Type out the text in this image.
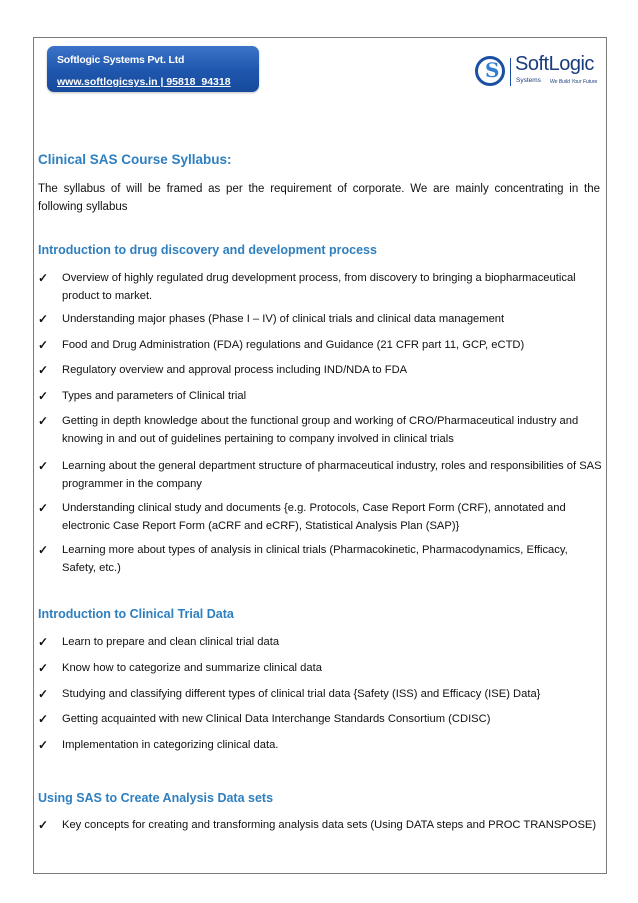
Softlogic Systems Pvt. Ltd
www.softlogicsys.in | 95818_94318	S SoftLogic
Systems We Build Your Future
Clinical SAS Course Syllabus:

The syllabus of will be framed as per the requirement of corporate. We are mainly concentrating in the following syllabus

Introduction to drug discovery and development process
✓	Overview of highly regulated drug development process, from discovery to bringing a biopharmaceutical product to market.
✓	Understanding major phases (Phase I – IV) of clinical trials and clinical data management
✓	Food and Drug Administration (FDA) regulations and Guidance (21 CFR part 11, GCP, eCTD)
✓	Regulatory overview and approval process including IND/NDA to FDA
✓	Types and parameters of Clinical trial
✓	Getting in depth knowledge about the functional group and working of CRO/Pharmaceutical industry and knowing in and out of guidelines pertaining to company involved in clinical trials
✓	Learning about the general department structure of pharmaceutical industry, roles and responsibilities of SAS programmer in the company
✓	Understanding clinical study and documents {e.g. Protocols, Case Report Form (CRF), annotated and electronic Case Report Form (aCRF and eCRF), Statistical Analysis Plan (SAP)}
✓	Learning more about types of analysis in clinical trials (Pharmacokinetic, Pharmacodynamics, Efficacy, Safety, etc.)
Introduction to Clinical Trial Data
✓	Learn to prepare and clean clinical trial data
✓	Know how to categorize and summarize clinical data
✓	Studying and classifying different types of clinical trial data {Safety (ISS) and Efficacy (ISE) Data}
✓	Getting acquainted with new Clinical Data Interchange Standards Consortium (CDISC)
✓	Implementation in categorizing clinical data.
Using SAS to Create Analysis Data sets
✓	Key concepts for creating and transforming analysis data sets (Using DATA steps and PROC TRANSPOSE)
